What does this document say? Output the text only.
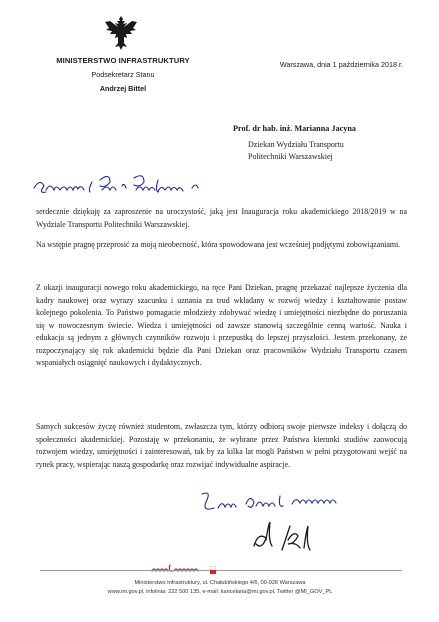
MINISTERSTWO INFRASTRUKTURY
Podsekretarz Stanu
Andrzej Bittel
Warszawa, dnia 1 października 2018 r.
Prof. dr hab. inż. Marianna Jacyna
Dziekan Wydziału Transportu
Politechniki Warszawskiej
serdecznie dziękuję za zaproszenie na uroczystość, jaką jest Inauguracja roku akademickiego 2018/2019 w na Wydziale Transportu Politechniki Warszawskiej.
Na wstępie pragnę przeprosić za moją nieobecność, która spowodowana jest wcześniej podjętymi zobowiązaniami.
Z okazji inauguracji nowego roku akademickiego, na ręce Pani Dziekan, pragnę przekazać najlepsze życzenia dla kadry naukowej oraz wyrazy szacunku i uznania za trud wkładany w rozwój wiedzy i kształtowanie postaw kolejnego pokolenia. To Państwo pomagacie młodzieży zdobywać wiedzę i umiejętności niezbędne do poruszania się w nowoczesnym świecie. Wiedza i umiejętności od zawsze stanowią szczególnie cenną wartość. Nauka i edukacja są jednym z głównych czynników rozwoju i przepustką do lepszej przyszłości. Jestem przekonany, że rozpoczynający się rok akademicki będzie dla Pani Dziekan oraz pracowników Wydziału Transportu czasem wspaniałych osiągnięć naukowych i dydaktycznych.
Samych sukcesów życzę również studentom, zwłaszcza tym, którzy odbiorą swoje pierwsze indeksy i dołączą do społeczności akademickiej. Pozostaję w przekonaniu, że wybrane przez Państwa kierunki studiów zaowocują rozwojem wiedzy, umiejętności i zainteresowań, tak by za kilka lat mogli Państwo w pełni przygotowani wejść na rynek pracy, wspierając naszą gospodarkę oraz rozwijać indywidualne aspiracje.
Ministerstwo Infrastruktury, ul. Chałubińskiego 4/6, 00-928 Warszawa
www.mi.gov.pl, infolinia: 222 500 135, e-mail: kancelaria@mi.gov.pl, Twitter @MI_GOV_PL
